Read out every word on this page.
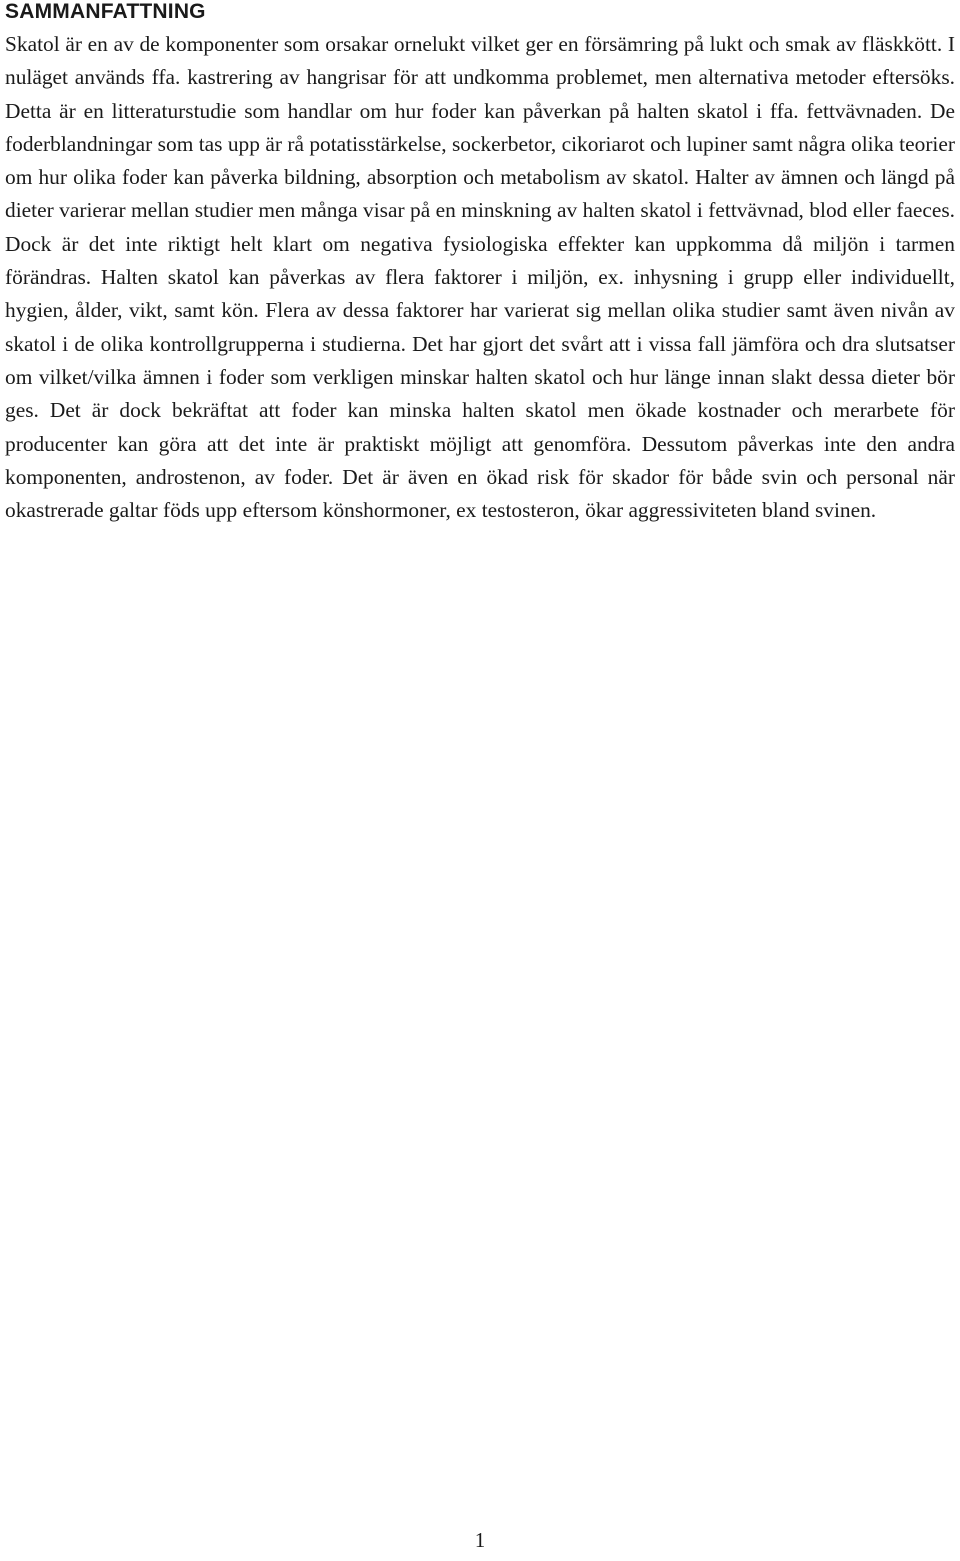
SAMMANFATTNING

Skatol är en av de komponenter som orsakar ornelukt vilket ger en försämring på lukt och smak av fläskkött. I nuläget används ffa. kastrering av hangrisar för att undkomma problemet, men alternativa metoder eftersöks. Detta är en litteraturstudie som handlar om hur foder kan påverkan på halten skatol i ffa. fettvävnaden. De foderblandningar som tas upp är rå potatisstärkelse, sockerbetor, cikoriarot och lupiner samt några olika teorier om hur olika foder kan påverka bildning, absorption och metabolism av skatol. Halter av ämnen och längd på dieter varierar mellan studier men många visar på en minskning av halten skatol i fettvävnad, blod eller faeces. Dock är det inte riktigt helt klart om negativa fysiologiska effekter kan uppkomma då miljön i tarmen förändras. Halten skatol kan påverkas av flera faktorer i miljön, ex. inhysning i grupp eller individuellt, hygien, ålder, vikt, samt kön. Flera av dessa faktorer har varierat sig mellan olika studier samt även nivån av skatol i de olika kontrollgrupperna i studierna. Det har gjort det svårt att i vissa fall jämföra och dra slutsatser om vilket/vilka ämnen i foder som verkligen minskar halten skatol och hur länge innan slakt dessa dieter bör ges. Det är dock bekräftat att foder kan minska halten skatol men ökade kostnader och merarbete för producenter kan göra att det inte är praktiskt möjligt att genomföra. Dessutom påverkas inte den andra komponenten, androstenon, av foder. Det är även en ökad risk för skador för både svin och personal när okastrerade galtar föds upp eftersom könshormoner, ex testosteron, ökar aggressiviteten bland svinen.

1
